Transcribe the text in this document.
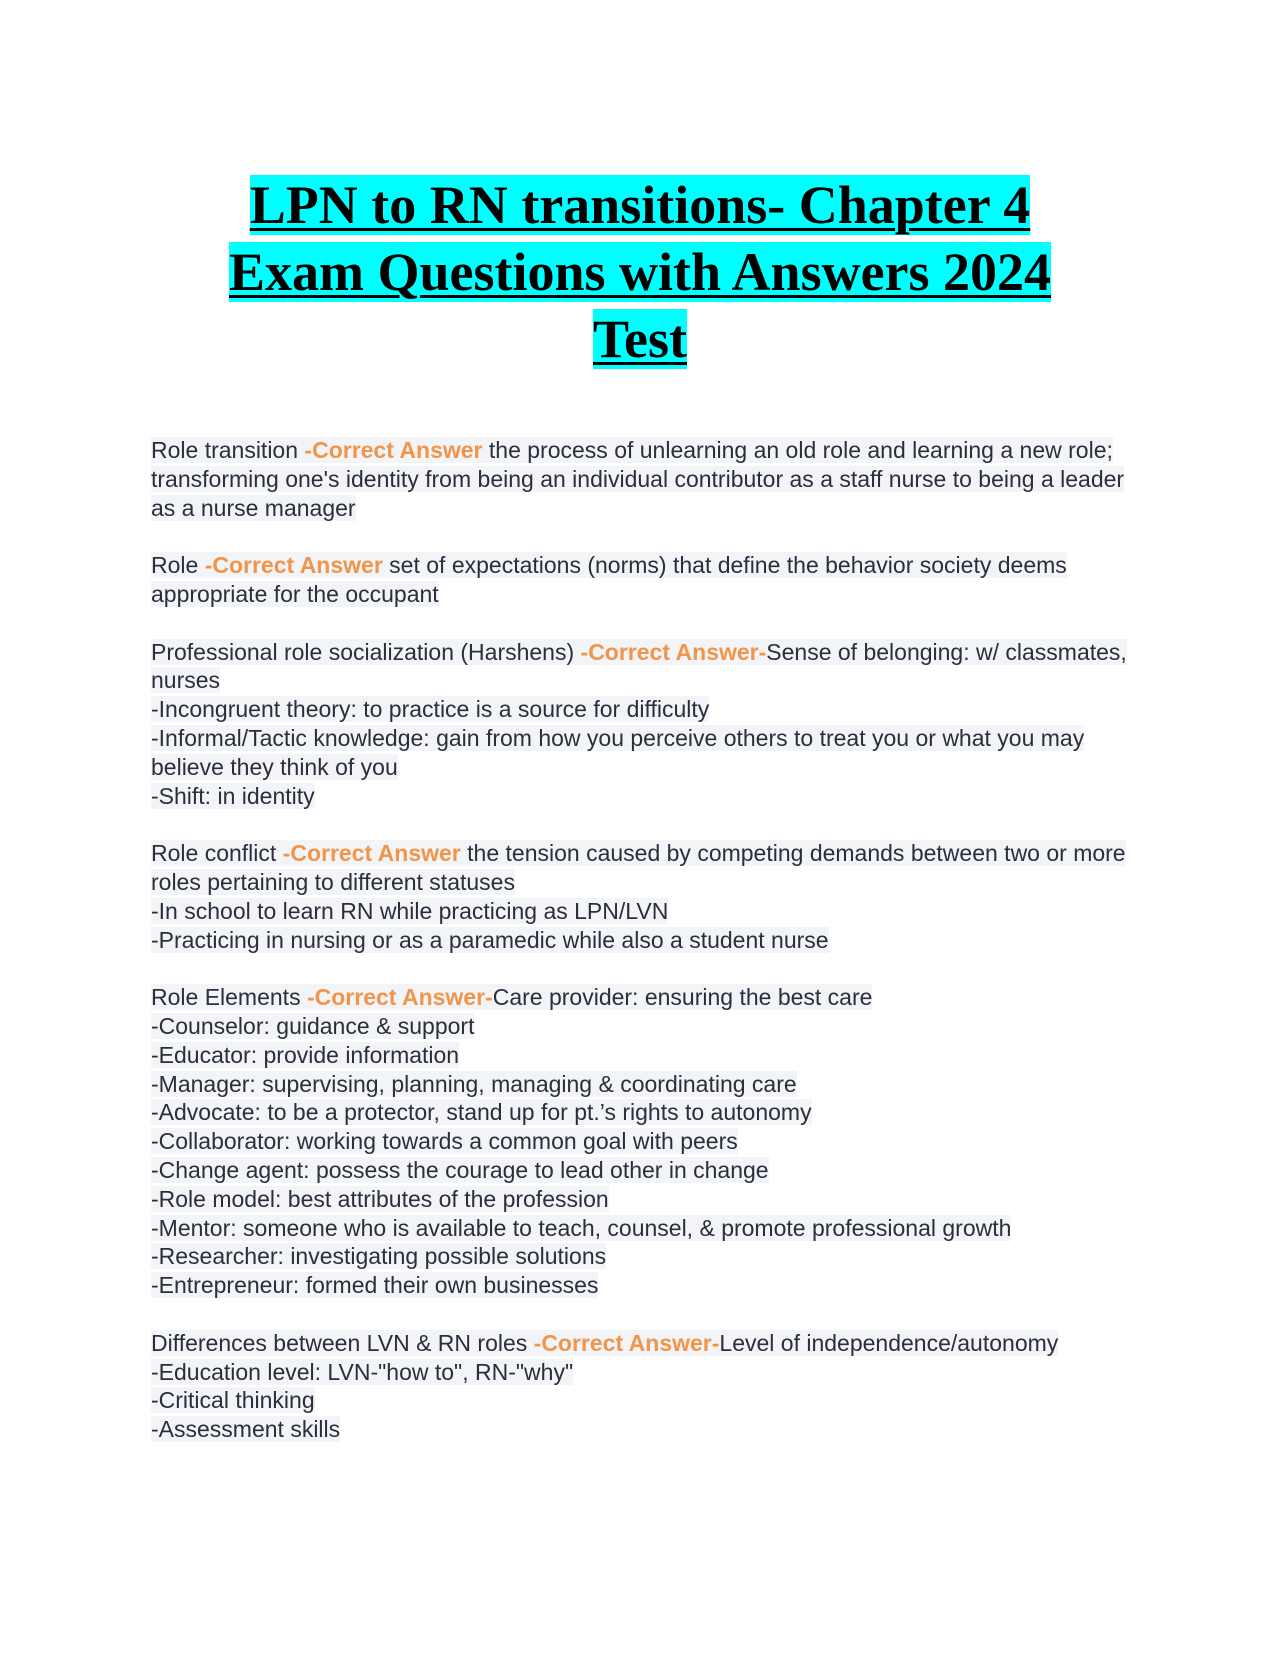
LPN to RN transitions- Chapter 4
Exam Questions with Answers 2024
Test
Role transition -Correct Answer the process of unlearning an old role and learning a new role; transforming one's identity from being an individual contributor as a staff nurse to being a leader as a nurse manager
Role -Correct Answer set of expectations (norms) that define the behavior society deems appropriate for the occupant
Professional role socialization (Harshens) -Correct Answer-Sense of belonging: w/ classmates, nurses
-Incongruent theory: to practice is a source for difficulty
-Informal/Tactic knowledge: gain from how you perceive others to treat you or what you may believe they think of you
-Shift: in identity
Role conflict -Correct Answer the tension caused by competing demands between two or more roles pertaining to different statuses
-In school to learn RN while practicing as LPN/LVN
-Practicing in nursing or as a paramedic while also a student nurse
Role Elements -Correct Answer-Care provider: ensuring the best care
-Counselor: guidance & support
-Educator: provide information
-Manager: supervising, planning, managing & coordinating care
-Advocate: to be a protector, stand up for pt.’s rights to autonomy
-Collaborator: working towards a common goal with peers
-Change agent: possess the courage to lead other in change
-Role model: best attributes of the profession
-Mentor: someone who is available to teach, counsel, & promote professional growth
-Researcher: investigating possible solutions
-Entrepreneur: formed their own businesses
Differences between LVN & RN roles -Correct Answer-Level of independence/autonomy
-Education level: LVN-"how to", RN-"why"
-Critical thinking
-Assessment skills
